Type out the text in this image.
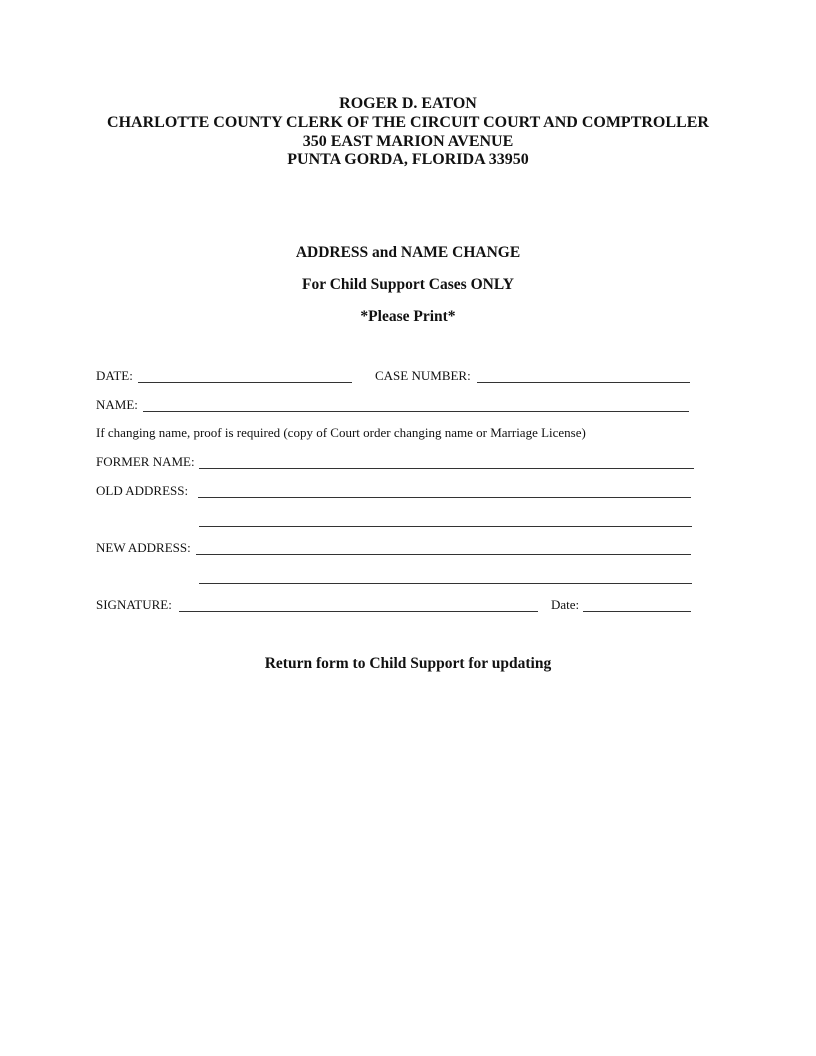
ROGER D. EATON
CHARLOTTE COUNTY CLERK OF THE CIRCUIT COURT AND COMPTROLLER
350 EAST MARION AVENUE
PUNTA GORDA, FLORIDA 33950
ADDRESS and NAME CHANGE
For Child Support Cases ONLY
*Please Print*
DATE:	CASE NUMBER:
NAME:
If changing name, proof is required (copy of Court order changing name or Marriage License)
FORMER NAME:
OLD ADDRESS:
NEW ADDRESS:
SIGNATURE:	Date:
Return form to Child Support for updating
